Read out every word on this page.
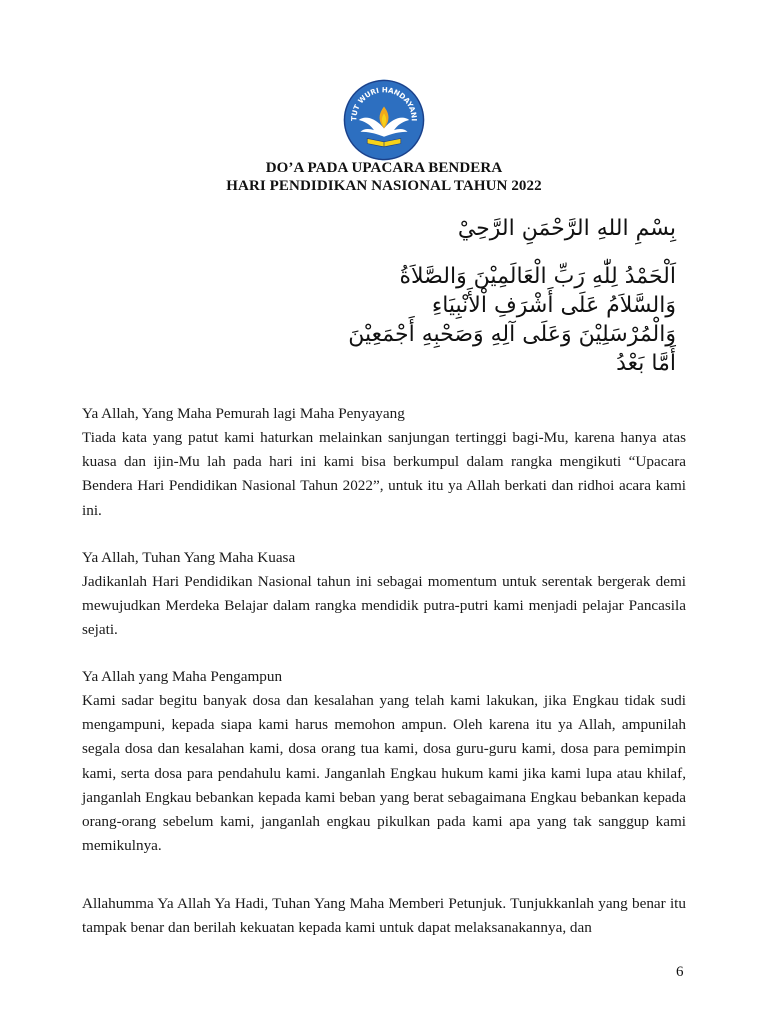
TUT WURI HANDAYANI
DO’A PADA UPACARA BENDERA
HARI PENDIDIKAN NASIONAL TAHUN 2022
بِسْمِ اللهِ الرَّحْمَنِ الرَّحِيْ
اَلْحَمْدُ لِلّٰهِ رَبِّ الْعَالَمِيْنَ وَالصَّلاَةُ
وَالسَّلاَمُ عَلَى أَشْرَفِ اْلأَنْبِيَاءِ
وَالْمُرْسَلِيْنَ وَعَلَى آلِهِ وَصَحْبِهِ أَجْمَعِيْنَ
أَمَّا بَعْدُ
Ya Allah, Yang Maha Pemurah lagi Maha Penyayang
Tiada kata yang patut kami haturkan melainkan sanjungan tertinggi bagi-Mu, karena hanya atas kuasa dan ijin-Mu lah pada hari ini kami bisa berkumpul dalam rangka mengikuti “Upacara Bendera Hari Pendidikan Nasional Tahun 2022”, untuk itu ya Allah berkati dan ridhoi acara kami ini.
Ya Allah, Tuhan Yang Maha Kuasa
Jadikanlah Hari Pendidikan Nasional tahun ini sebagai momentum untuk serentak bergerak demi mewujudkan Merdeka Belajar dalam rangka mendidik putra-putri kami menjadi pelajar Pancasila sejati.
Ya Allah yang Maha Pengampun
Kami sadar begitu banyak dosa dan kesalahan yang telah kami lakukan, jika Engkau tidak sudi mengampuni, kepada siapa kami harus memohon ampun. Oleh karena itu ya Allah, ampunilah segala dosa dan kesalahan kami, dosa orang tua kami, dosa guru-guru kami, dosa para pemimpin kami, serta dosa para pendahulu kami. Janganlah Engkau hukum kami jika kami lupa atau khilaf, janganlah Engkau bebankan kepada kami beban yang berat sebagaimana Engkau bebankan kepada orang-orang sebelum kami, janganlah engkau pikulkan pada kami apa yang tak sanggup kami memikulnya.
Allahumma Ya Allah Ya Hadi, Tuhan Yang Maha Memberi Petunjuk. Tunjukkanlah yang benar itu tampak benar dan berilah kekuatan kepada kami untuk dapat melaksanakannya, dan
6
